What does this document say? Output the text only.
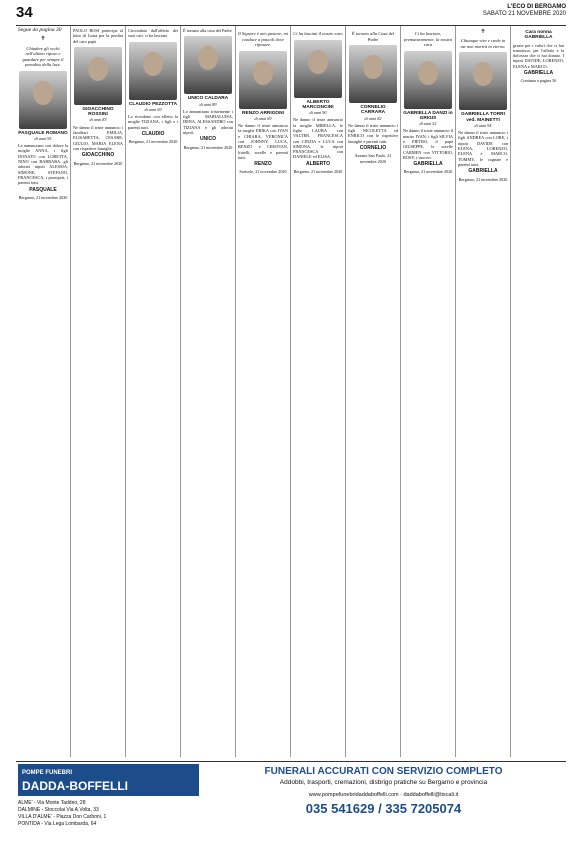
34	L'ECO DI BERGAMO
SABATO 21 NOVEMBRE 2020

Segue da pagina 30

✝

Chiudere gli occhi nell'ultimo riposo e guardare per sempre il paradiso della luce.

PASQUALE ROMANO
di anni 95

La annunciano con dolore la moglie ANNA, i figli DONATO con LORETTA, NINO con BARBARA, gli adorati nipoti ALESSIA, SIMONE, STEFANO, FRANCESCA, i pronipoti, i parenti tutti.

PASQUALE
Bergamo, 21 novembre 2020

PAOLO BOSI partecipa al lutto di Luisa per la perdita del caro papà

GIOACCHINO ROSSINI
di anni 83

Ne danno il triste annuncio i familiari EMILIA, ELISABETTA, CESARE, GIULIO, MARIA ELENA con rispettive famiglie.

GIOACCHINO
Bergamo, 21 novembre 2020

Circondato dall'affetto dei suoi cari, ci ha lasciato

CLAUDIO PEZZOTTA
di anni 69

Lo ricordano con affetto la moglie TIZIANA, i figli e i parenti tutti.

CLAUDIO
Bergamo, 21 novembre 2020

È tornato alla casa del Padre

UNICO CALDARA
di anni 89

Lo annunciano tristemente i figli MARIALUISA, IRINA, ALESSANDRO con TIZIANA e gli adorati nipoti.

UNICO
Bergamo, 21 novembre 2020

Il Signore è mio pastore, mi conduce a pascoli dove riposare.

RENZO ARRIGONI
di anni 69

Ne danno il triste annuncio la moglie ERIKA con IVAN e CHIARA, VERONICA con JOHNNY, LUCA, RENZO e CRISTIAN, fratelli, sorelle e parenti tutti.

RENZO
Sorisole, 21 novembre 2020

Ci ha lasciati il nostro caro

ALBERTO MARCONCINI
di anni 90

Ne danno il triste annuncio la moglie MIRELLA, le figlie LAURA con VALTER, FRANCESCA con CINZIA e LUCA con SIMONA, le nipoti FRANCESCA con DANIELE ed ELISA.

ALBERTO
Bergamo, 21 novembre 2020

È tornato alla Casa del Padre

CORNELIO CARRARA
di anni 82

Ne danno il triste annuncio i figli NICOLETTA ed ENRICO con le rispettive famiglie e parenti tutti.

CORNELIO
Azzano San Paolo, 21 novembre 2020

Ci ha lasciato, prematuramente, la nostra cara

GABRIELLA DANZI in GRIGIS
di anni 52

Ne danno il triste annuncio il marito IVAN, i figli SILVIA e PIETRO, il papà GIUSEPPE, le sorelle CARMEN con VITTORIO, ROSY, i suoceri.

GABRIELLA
Bergamo, 21 novembre 2020
✝

Chiunque vive e crede in me non morirà in eterno.

GABRIELLA TORRI ved. MAINETTI
di anni 94

Ne danno il triste annuncio i figli ANDREA con LORE, i nipoti DAVIDE con ELENA, LORENZO, ELENA e MARCO, TOMMY, le cognate e parenti tutti.

GABRIELLA
Bergamo, 21 novembre 2020

Cara nonna GABRIELLA

grazie per i valori che ci hai trasmesso, per l'affetto e la dolcezza che ci hai donato. I nipoti DAVIDE, LORENZO, ELENA e MARCO.

GABRIELLA
Continua a pagina 36
POMPE FUNEBRI
DADDA-BOFFELLI
ALME' - Via Monte Taddeo, 28
DALMINE - Stoccolai Via A.Volta, 33
VILLA D'ALME' - Piazza Don Carboni, 1
PONTIDA - Via Lega Lombarda, 64
FUNERALI ACCURATI CON SERVIZIO COMPLETO
Addobbi, trasporti, cremazioni, disbrigo pratiche su Bergamo e provincia
www.pompefunebridaddaboffelli.com · daddaboffelli@tiscali.it
035 541629 / 335 7205074
